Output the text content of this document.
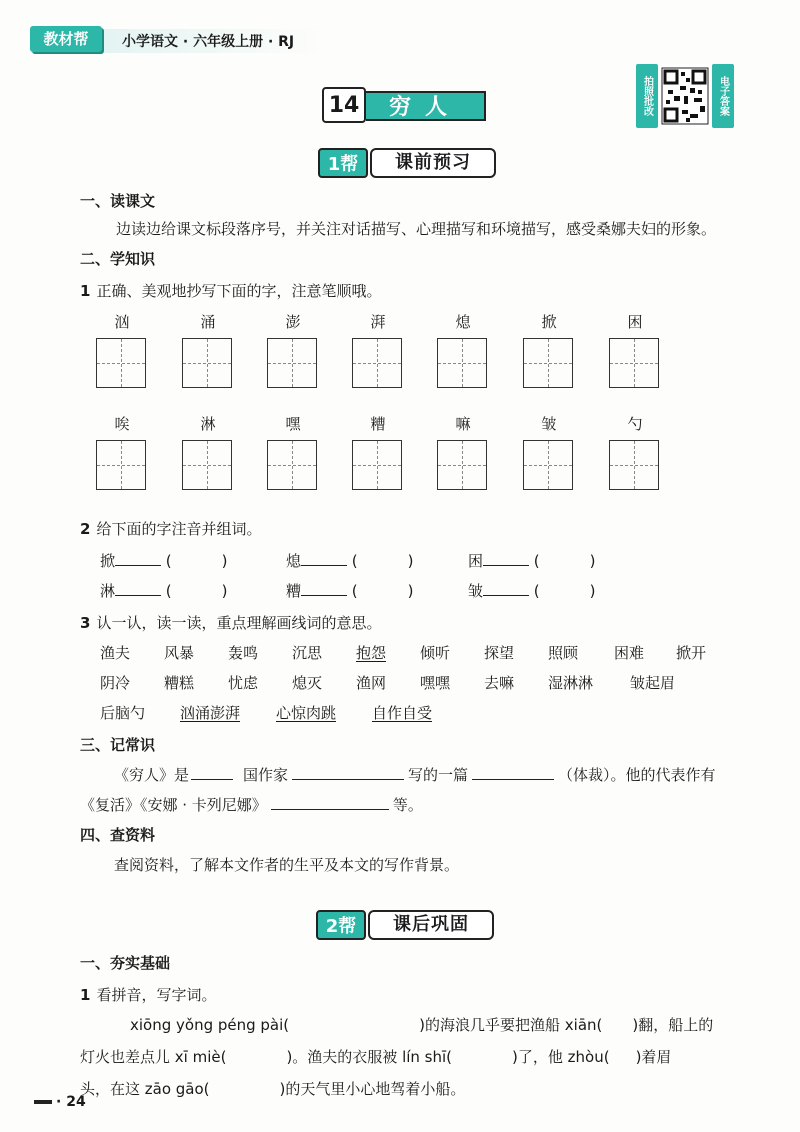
教材帮	小学语文 · 六年级上册 · RJ
14	穷人	拍照批改	电子答案
1帮	课前预习
一、读课文
边读边给课文标段落序号，并关注对话描写、心理描写和环境描写，感受桑娜夫妇的形象。
二、学知识
1 正确、美观地抄写下面的字，注意笔顺哦。
汹	涌	澎	湃	熄	掀	困
唉	淋	嘿	糟	嘛	皱	勺
2 给下面的字注音并组词。
掀	(	)	熄	(	)	困	(	)
淋	(	)	糟	(	)	皱	(	)
3 认一认，读一读，重点理解画线词的意思。
渔夫 风暴 轰鸣 沉思 抱怨 倾听 探望 照顾 困难 掀开
阴冷 糟糕 忧虑 熄灭 渔网 嘿嘿 去嘛 湿淋淋 皱起眉
后脑勺 汹涌澎湃 心惊肉跳 自作自受
三、记常识
《穷人》是	国作家	写的一篇	（体裁）。他的代表作有
《复活》《安娜 · 卡列尼娜》	等。
四、查资料
查阅资料，了解本文作者的生平及本文的写作背景。
2帮	课后巩固
一、夯实基础
1 看拼音，写字词。
xiōng yǒng péng pài(	)的海浪几乎要把渔船 xiān( )翻，船上的
灯火也差点儿 xī miè(	)。渔夫的衣服被 lín shī(	)了，他 zhòu( )着眉
头，在这 zāo gāo(	)的天气里小心地驾着小船。
· 24
